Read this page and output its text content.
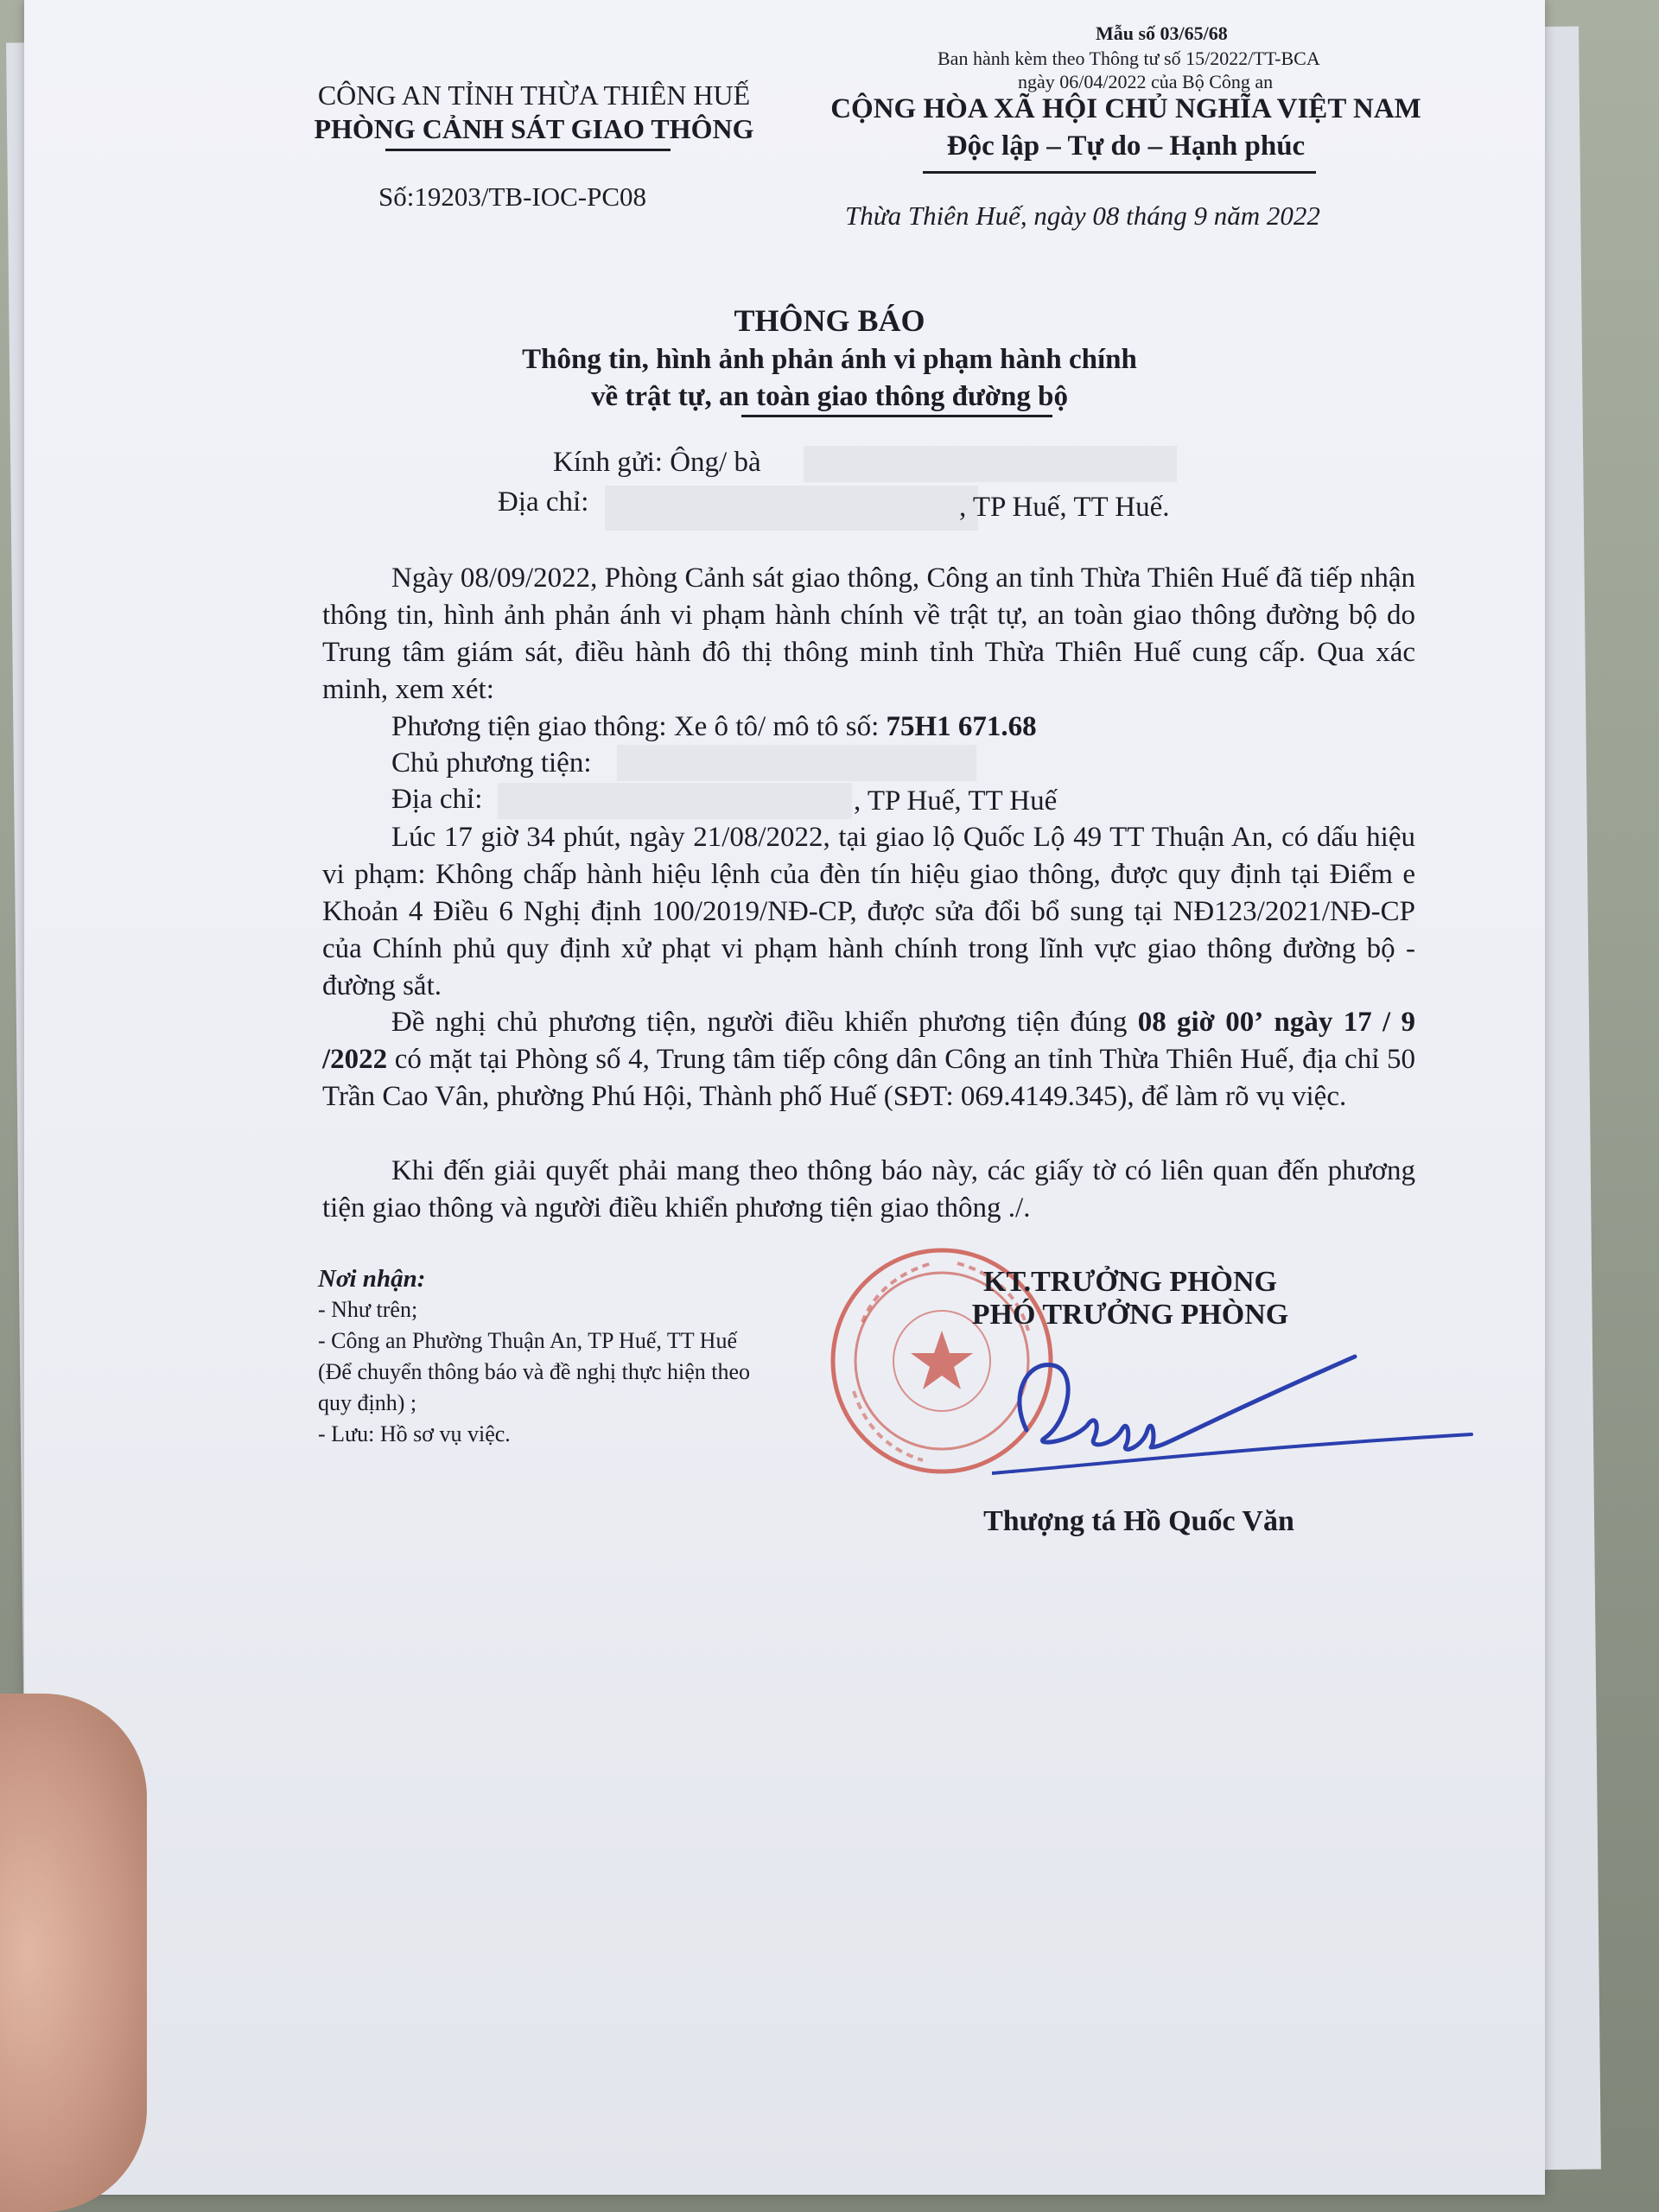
Mẫu số 03/65/68
Ban hành kèm theo Thông tư số 15/2022/TT-BCA
ngày 06/04/2022 của Bộ Công an
CÔNG AN TỈNH THỪA THIÊN HUẾ
PHÒNG CẢNH SÁT GIAO THÔNG
Số:19203/TB-IOC-PC08
CỘNG HÒA XÃ HỘI CHỦ NGHĨA VIỆT NAM
Độc lập – Tự do – Hạnh phúc
Thừa Thiên Huế, ngày 08 tháng 9 năm 2022
THÔNG BÁO
Thông tin, hình ảnh phản ánh vi phạm hành chính
về trật tự, an toàn giao thông đường bộ
Kính gửi: Ông/ bà
Địa chỉ:	, TP Huế, TT Huế.
Ngày 08/09/2022, Phòng Cảnh sát giao thông, Công an tỉnh Thừa Thiên Huế đã tiếp nhận thông tin, hình ảnh phản ánh vi phạm hành chính về trật tự, an toàn giao thông đường bộ do Trung tâm giám sát, điều hành đô thị thông minh tỉnh Thừa Thiên Huế cung cấp. Qua xác minh, xem xét:
Phương tiện giao thông: Xe ô tô/ mô tô số: 75H1 671.68
Chủ phương tiện:
Địa chỉ:	, TP Huế, TT Huế
Lúc 17 giờ 34 phút, ngày 21/08/2022, tại giao lộ Quốc Lộ 49 TT Thuận An, có dấu hiệu vi phạm: Không chấp hành hiệu lệnh của đèn tín hiệu giao thông, được quy định tại Điểm e Khoản 4 Điều 6 Nghị định 100/2019/NĐ-CP, được sửa đổi bổ sung tại NĐ123/2021/NĐ-CP của Chính phủ quy định xử phạt vi phạm hành chính trong lĩnh vực giao thông đường bộ - đường sắt.
Đề nghị chủ phương tiện, người điều khiển phương tiện đúng 08 giờ 00’ ngày 17 / 9 /2022 có mặt tại Phòng số 4, Trung tâm tiếp công dân Công an tỉnh Thừa Thiên Huế, địa chỉ 50 Trần Cao Vân, phường Phú Hội, Thành phố Huế (SĐT: 069.4149.345), để làm rõ vụ việc.
Khi đến giải quyết phải mang theo thông báo này, các giấy tờ có liên quan đến phương tiện giao thông và người điều khiển phương tiện giao thông ./.
Nơi nhận:
- Như trên;
- Công an Phường Thuận An, TP Huế, TT Huế
(Để chuyển thông báo và đề nghị thực hiện theo
quy định) ;
- Lưu: Hồ sơ vụ việc.
KT.TRƯỞNG PHÒNG
PHÓ TRƯỞNG PHÒNG
Thượng tá Hồ Quốc Văn
